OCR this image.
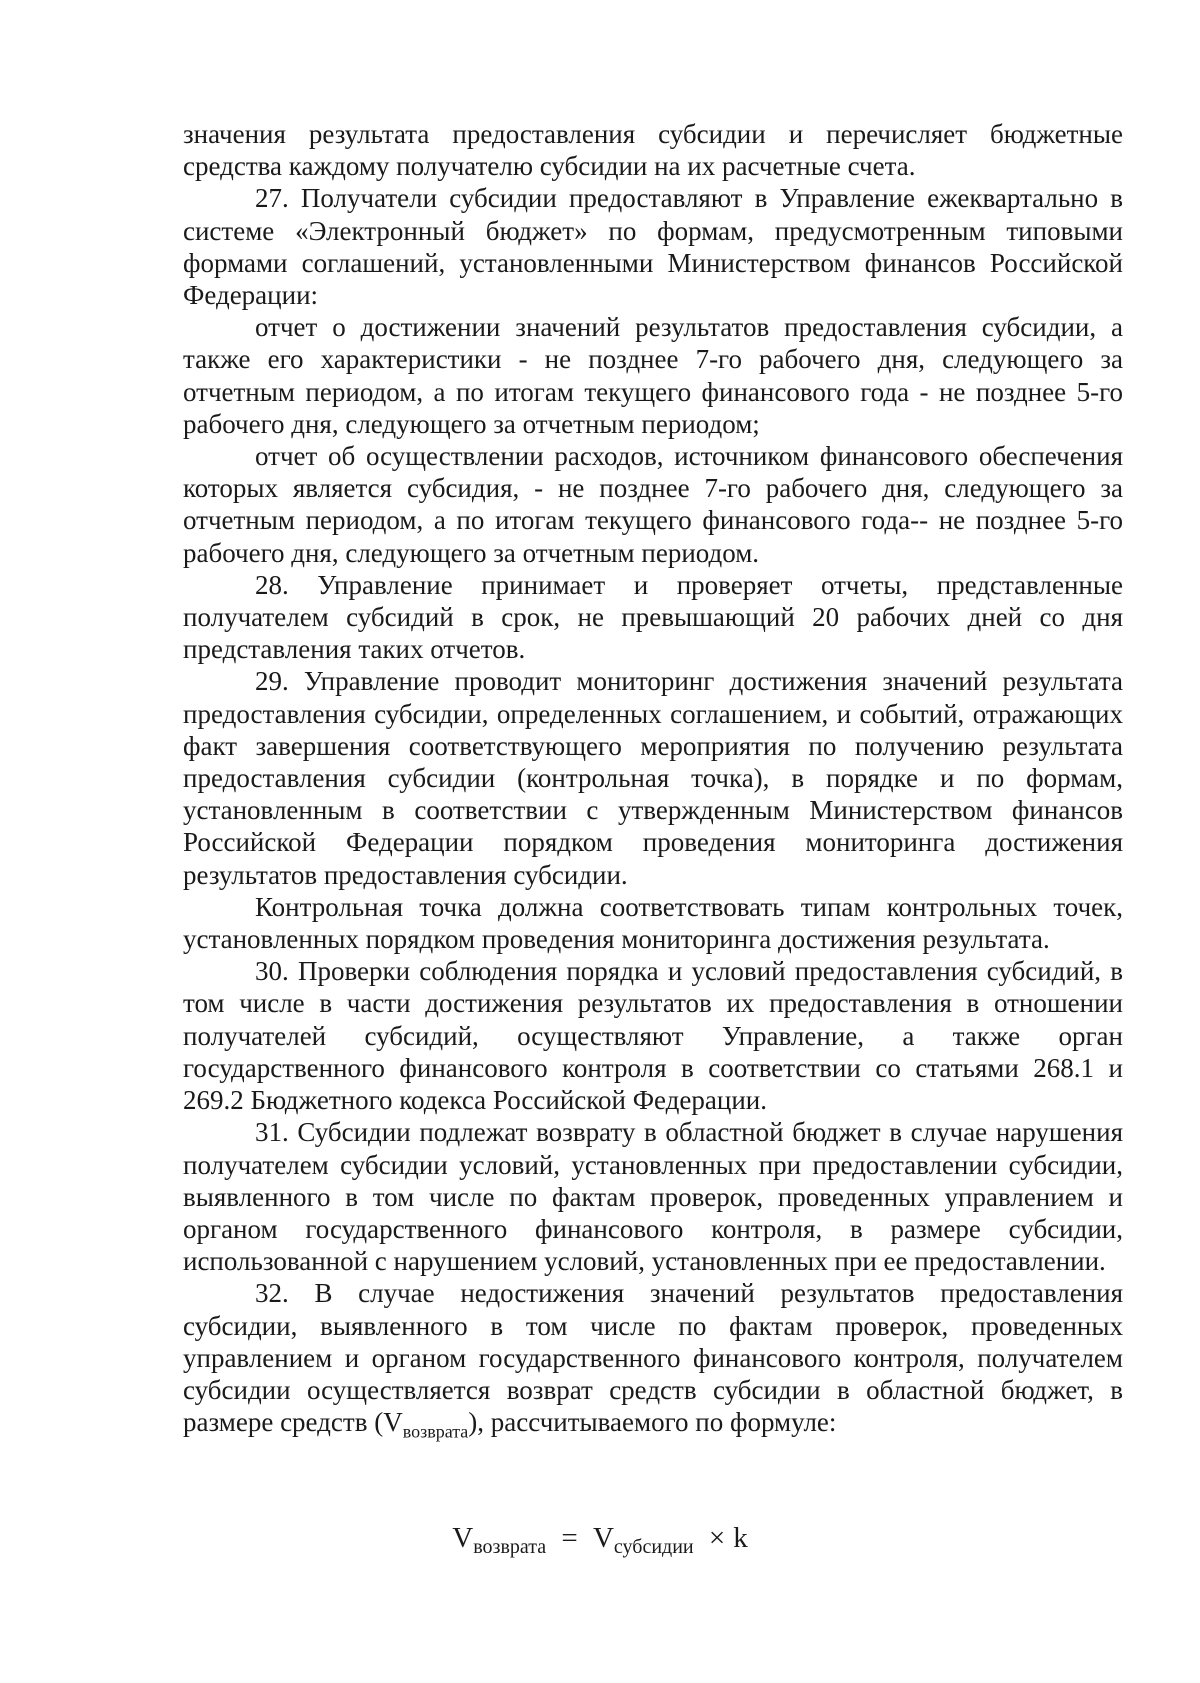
значения результата предоставления субсидии и перечисляет бюджетные средства каждому получателю субсидии на их расчетные счета.

27. Получатели субсидии предоставляют в Управление ежеквартально в системе «Электронный бюджет» по формам, предусмотренным типовыми формами соглашений, установленными Министерством финансов Российской Федерации:

отчет о достижении значений результатов предоставления субсидии, а также его характеристики - не позднее 7-го рабочего дня, следующего за отчетным периодом, а по итогам текущего финансового года - не позднее 5-го рабочего дня, следующего за отчетным периодом;

отчет об осуществлении расходов, источником финансового обеспечения которых является субсидия, - не позднее 7-го рабочего дня, следующего за отчетным периодом, а по итогам текущего финансового года-- не позднее 5-го рабочего дня, следующего за отчетным периодом.

28. Управление принимает и проверяет отчеты, представленные получателем субсидий в срок, не превышающий 20 рабочих дней со дня представления таких отчетов.

29. Управление проводит мониторинг достижения значений результата предоставления субсидии, определенных соглашением, и событий, отражающих факт завершения соответствующего мероприятия по получению результата предоставления субсидии (контрольная точка), в порядке и по формам, установленным в соответствии с утвержденным Министерством финансов Российской Федерации порядком проведения мониторинга достижения результатов предоставления субсидии.

Контрольная точка должна соответствовать типам контрольных точек, установленных порядком проведения мониторинга достижения результата.

30. Проверки соблюдения порядка и условий предоставления субсидий, в том числе в части достижения результатов их предоставления в отношении получателей субсидий, осуществляют Управление, а также орган государственного финансового контроля в соответствии со статьями 268.1 и 269.2 Бюджетного кодекса Российской Федерации.

31. Субсидии подлежат возврату в областной бюджет в случае нарушения получателем субсидии условий, установленных при предоставлении субсидии, выявленного в том числе по фактам проверок, проведенных управлением и органом государственного финансового контроля, в размере субсидии, использованной с нарушением условий, установленных при ее предоставлении.

32. В случае недостижения значений результатов предоставления субсидии, выявленного в том числе по фактам проверок, проведенных управлением и органом государственного финансового контроля, получателем субсидии осуществляется возврат средств субсидии в областной бюджет, в размере средств $(V_{возврата})$, рассчитываемого по формуле:

$V_{возврата} = V_{субсидии} \times k$
